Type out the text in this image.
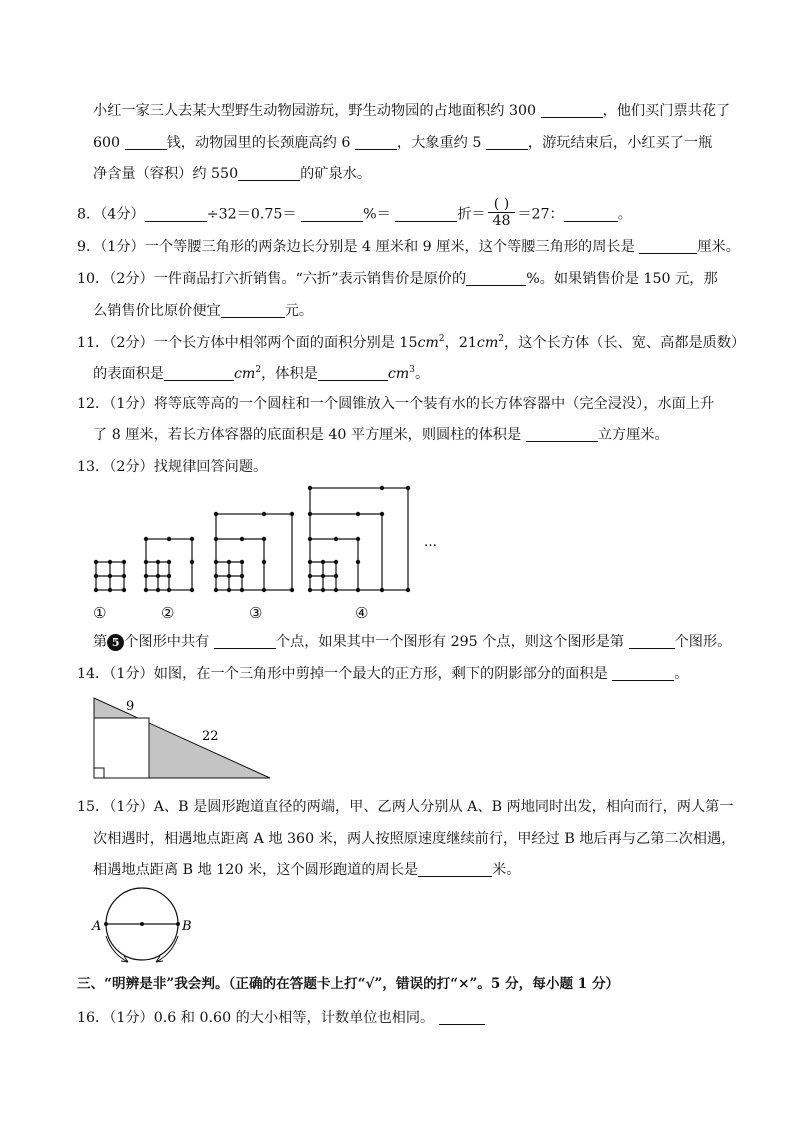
小红一家三人去某大型野生动物园游玩，野生动物园的占地面积约 300	，他们买门票共花了
600	钱，动物园里的长颈鹿高约 6	，大象重约 5	，游玩结束后，小红买了一瓶
净含量（容积）约 550	的矿泉水。
8．（4分）	÷32＝0.75＝	%＝	折＝ $\frac{( )}{48} =27$：	。
9．（1分）一个等腰三角形的两条边长分别是 4 厘米和 9 厘米，这个等腰三角形的周长是	厘米。
10．（2分）一件商品打六折销售。“六折”表示销售价是原价的	%。如果销售价是 150 元，那
么销售价比原价便宜	元。
11．（2分）一个长方体中相邻两个面的面积分别是 $15cm^2$，$21cm^2$，这个长方体（长、宽、高都是质数）
的表面积是	$cm^2$，体积是	$cm^3$。
12．（1分）将等底等高的一个圆柱和一个圆锥放入一个装有水的长方体容器中（完全浸没），水面上升
了 8 厘米，若长方体容器的底面积是 40 平方厘米，则圆柱的体积是	立方厘米。
13．（2分）找规律回答问题。
…
①	②	③	④
第 5 个图形中共有	个点，如果其中一个图形有 295 个点，则这个图形是第	个图形。
14．（1分）如图，在一个三角形中剪掉一个最大的正方形，剩下的阴影部分的面积是	。
9
22
15．（1分）A、B 是圆形跑道直径的两端，甲、乙两人分别从 A、B 两地同时出发，相向而行，两人第一
次相遇时，相遇地点距离 A 地 360 米，两人按照原速度继续前行，甲经过 B 地后再与乙第二次相遇，
相遇地点距离 B 地 120 米，这个圆形跑道的周长是	米。
A	B
三、“明辨是非”我会判。（正确的在答题卡上打“√”，错误的打“×”。5 分，每小题 1 分）
16．（1分）0.6 和 0.60 的大小相等，计数单位也相同。
